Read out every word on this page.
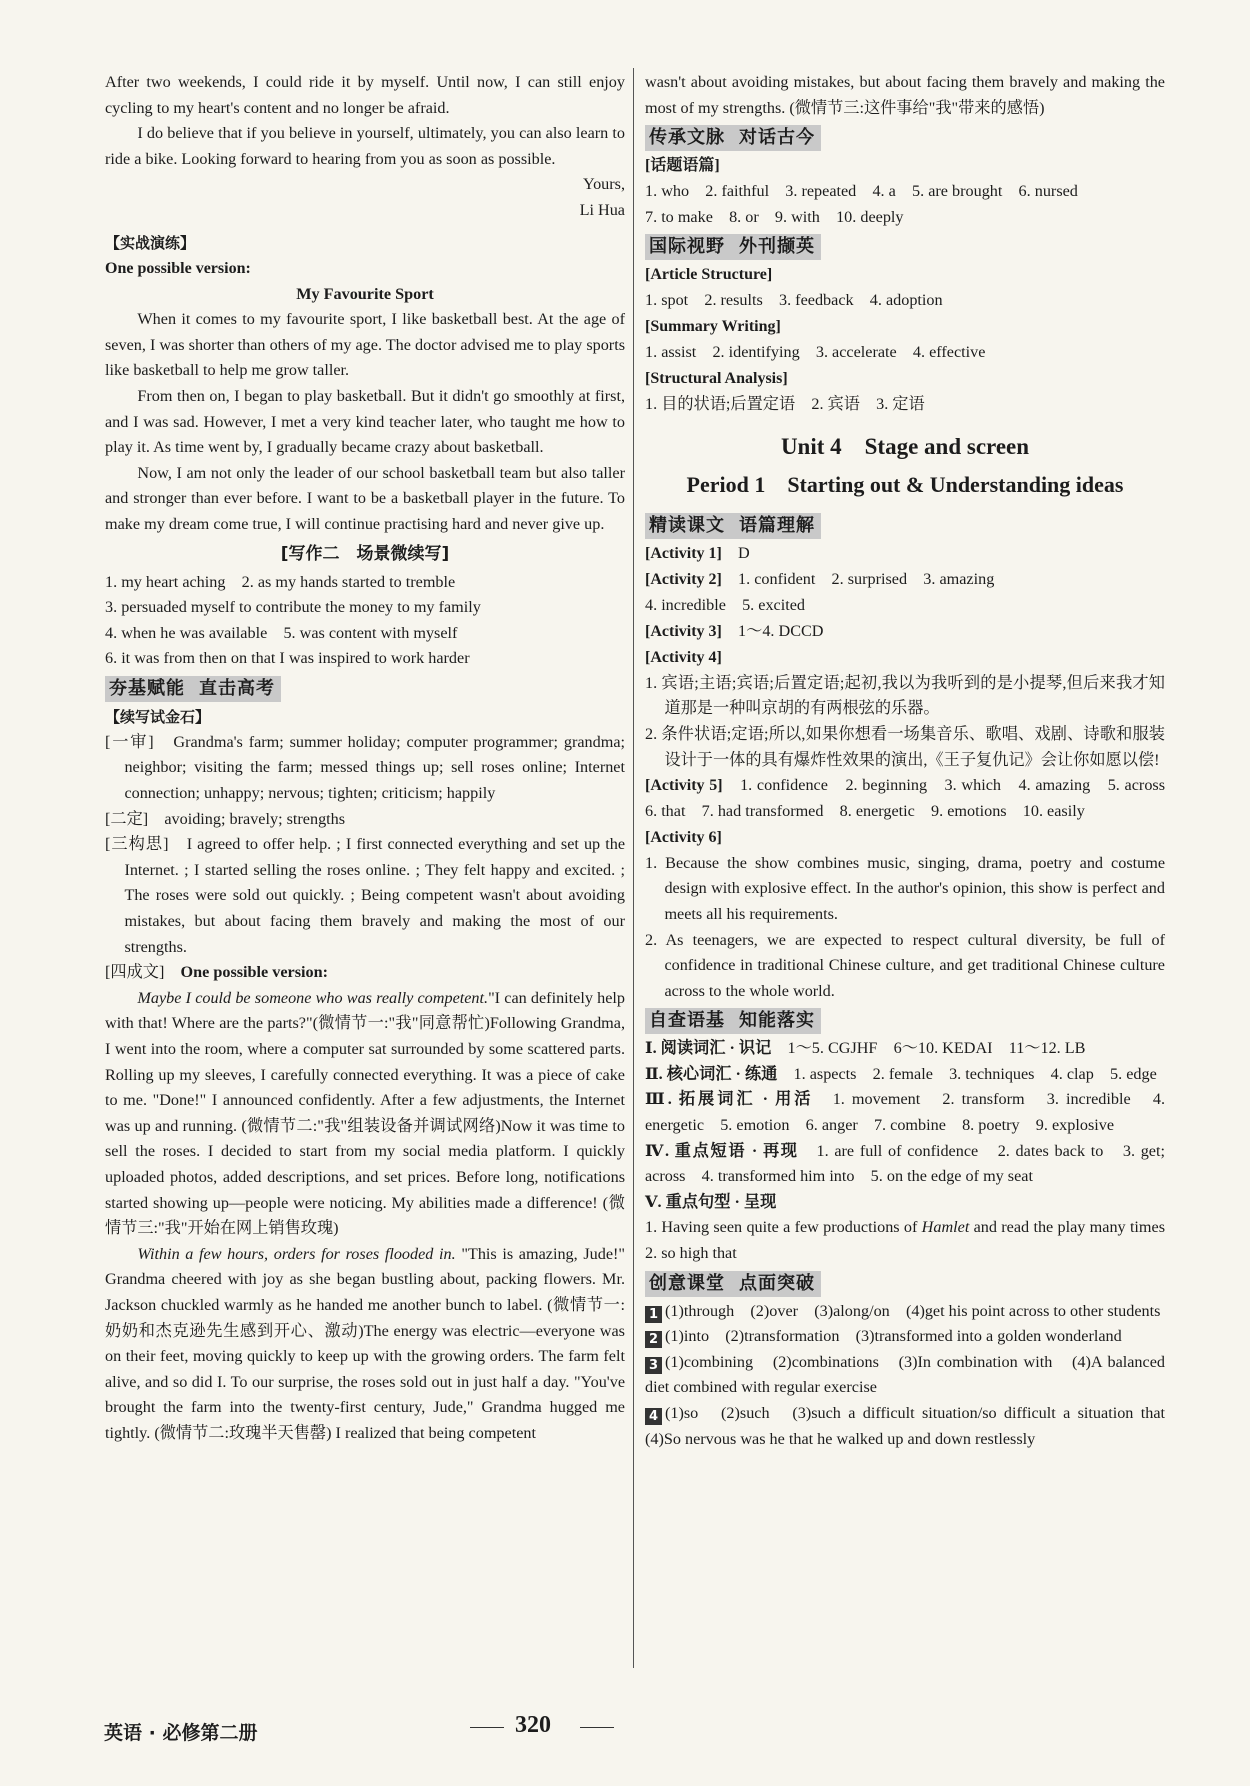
After two weekends, I could ride it by myself. Until now, I can still enjoy cycling to my heart's content and no longer be afraid.

I do believe that if you believe in yourself, ultimately, you can also learn to ride a bike. Looking forward to hearing from you as soon as possible.

Yours,

Li Hua

【实战演练】
One possible version:

My Favourite Sport

When it comes to my favourite sport, I like basketball best. At the age of seven, I was shorter than others of my age. The doctor advised me to play sports like basketball to help me grow taller.

From then on, I began to play basketball. But it didn't go smoothly at first, and I was sad. However, I met a very kind teacher later, who taught me how to play it. As time went by, I gradually became crazy about basketball.

Now, I am not only the leader of our school basketball team but also taller and stronger than ever before. I want to be a basketball player in the future. To make my dream come true, I will continue practising hard and never give up.

[写作二　场景微续写]

1. my heart aching　2. as my hands started to tremble

3. persuaded myself to contribute the money to my family

4. when he was available　5. was content with myself

6. it was from then on that I was inspired to work harder

夯基赋能 直击高考
【续写试金石】

[一审]　 Grandma's farm; summer holiday; computer programmer; grandma; neighbor; visiting the farm; messed things up; sell roses online; Internet connection; unhappy; nervous; tighten; criticism; happily

[二定]　 avoiding; bravely; strengths

[三构思]　 I agreed to offer help. ; I first connected everything and set up the Internet. ; I started selling the roses online. ; They felt happy and excited. ; The roses were sold out quickly. ; Being competent wasn't about avoiding mistakes, but about facing them bravely and making the most of our strengths.

[四成文]　 One possible version:

Maybe I could be someone who was really competent."I can definitely help with that! Where are the parts?"(微情节一:"我"同意帮忙)Following Grandma, I went into the room, where a computer sat surrounded by some scattered parts. Rolling up my sleeves, I carefully connected everything. It was a piece of cake to me. "Done!" I announced confidently. After a few adjustments, the Internet was up and running. (微情节二:"我"组装设备并调试网络)Now it was time to sell the roses. I decided to start from my social media platform. I quickly uploaded photos, added descriptions, and set prices. Before long, notifications started showing up—people were noticing. My abilities made a difference! (微情节三:"我"开始在网上销售玫瑰)

Within a few hours, orders for roses flooded in. "This is amazing, Jude!" Grandma cheered with joy as she began bustling about, packing flowers. Mr. Jackson chuckled warmly as he handed me another bunch to label. (微情节一:奶奶和杰克逊先生感到开心、激动)The energy was electric—everyone was on their feet, moving quickly to keep up with the growing orders. The farm felt alive, and so did I. To our surprise, the roses sold out in just half a day. "You've brought the farm into the twenty-first century, Jude," Grandma hugged me tightly. (微情节二:玫瑰半天售罄) I realized that being competent

wasn't about avoiding mistakes, but about facing them bravely and making the most of my strengths. (微情节三:这件事给"我"带来的感悟)

传承文脉 对话古今
[话题语篇]

1. who　2. faithful　3. repeated　4. a　5. are brought　6. nursed

7. to make　8. or　9. with　10. deeply

国际视野 外刊撷英
[Article Structure]

1. spot　2. results　3. feedback　4. adoption

[Summary Writing]

1. assist　2. identifying　3. accelerate　4. effective

[Structural Analysis]

1. 目的状语;后置定语　2. 宾语　3. 定语

Unit 4　Stage and screen
Period 1　Starting out & Understanding ideas
精读课文 语篇理解

[Activity 1]　 D

[Activity 2]　 1. confident　2. surprised　3. amazing

4. incredible　5. excited

[Activity 3]　 1～4. DCCD

[Activity 4]

1. 宾语;主语;宾语;后置定语;起初,我以为我听到的是小提琴,但后来我才知道那是一种叫京胡的有两根弦的乐器。

2. 条件状语;定语;所以,如果你想看一场集音乐、歌唱、戏剧、诗歌和服装设计于一体的具有爆炸性效果的演出,《王子复仇记》会让你如愿以偿!

[Activity 5]　 1. confidence　2. beginning　3. which　4. amazing　5. across　6. that　7. had transformed　8. energetic　9. emotions　10. easily

[Activity 6]

1. Because the show combines music, singing, drama, poetry and costume design with explosive effect. In the author's opinion, this show is perfect and meets all his requirements.

2. As teenagers, we are expected to respect cultural diversity, be full of confidence in traditional Chinese culture, and get traditional Chinese culture across to the whole world.

自查语基 知能落实

Ⅰ. 阅读词汇 · 识记　 1～5. CGJHF　6～10. KEDAI　11～12. LB

Ⅱ. 核心词汇 · 练通　 1. aspects　2. female　3. techniques　4. clap　5. edge

Ⅲ. 拓展词汇 · 用活　 1. movement　2. transform　3. incredible　4. energetic　5. emotion　6. anger　7. combine　8. poetry　9. explosive

Ⅳ. 重点短语 · 再现　 1. are full of confidence　2. dates back to　3. get; across　4. transformed him into　5. on the edge of my seat

Ⅴ. 重点句型 · 呈现

1. Having seen quite a few productions of Hamlet and read the play many times　2. so high that

创意课堂 点面突破

1 (1)through　(2)over　(3)along/on　(4)get his point across to other students

2 (1)into　(2)transformation　(3)transformed into a golden wonderland

3 (1)combining　(2)combinations　(3)In combination with　(4)A balanced diet combined with regular exercise

4 (1)so　(2)such　(3)such a difficult situation/so difficult a situation that　(4)So nervous was he that he walked up and down restlessly

英语 · 必修第二册	320
